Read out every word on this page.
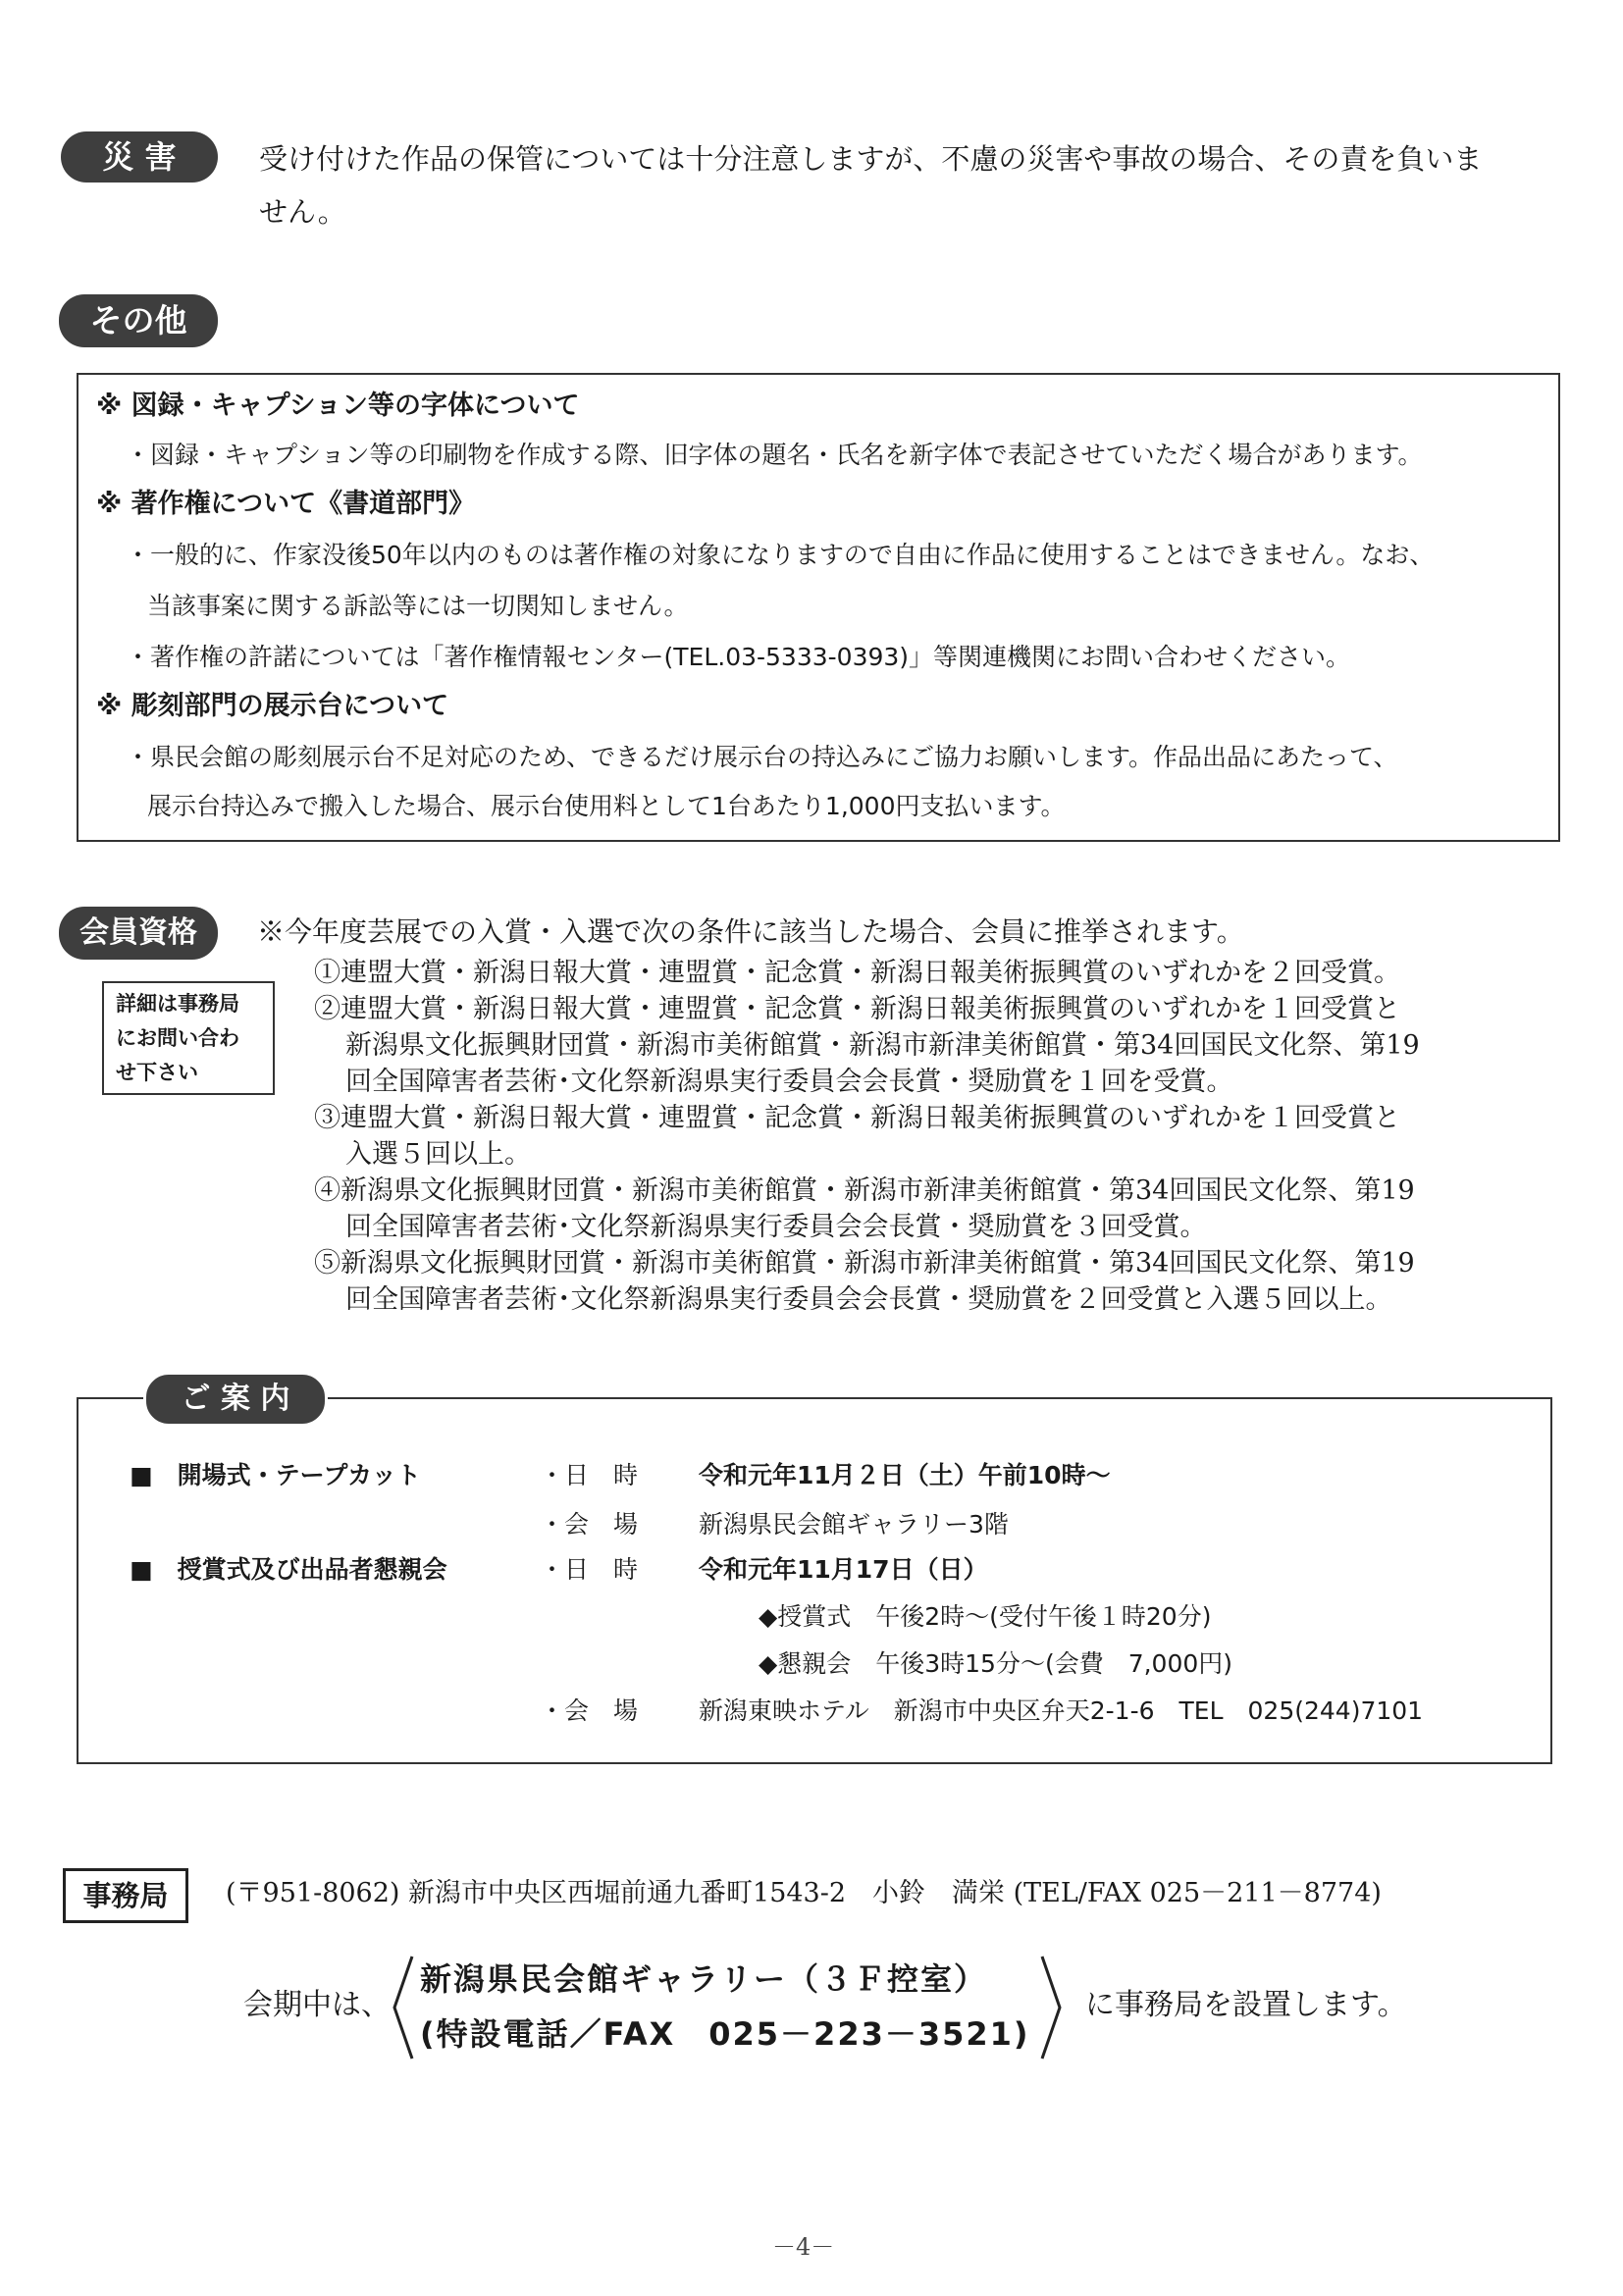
災 害	受け付けた作品の保管については十分注意しますが、不慮の災害や事故の場合、その責を負いま
せん。
その他
※ 図録・キャプション等の字体について
・図録・キャプション等の印刷物を作成する際、旧字体の題名・氏名を新字体で表記させていただく場合があります。
※ 著作権について《書道部門》
・一般的に、作家没後50年以内のものは著作権の対象になりますので自由に作品に使用することはできません。なお、
当該事案に関する訴訟等には一切関知しません。
・著作権の許諾については「著作権情報センター(TEL.03-5333-0393)」等関連機関にお問い合わせください。
※ 彫刻部門の展示台について
・県民会館の彫刻展示台不足対応のため、できるだけ展示台の持込みにご協力お願いします。作品出品にあたって、
展示台持込みで搬入した場合、展示台使用料として1台あたり1,000円支払います。
会員資格
詳細は事務局
にお問い合わ
せ下さい
※今年度芸展での入賞・入選で次の条件に該当した場合、会員に推挙されます。
①連盟大賞・新潟日報大賞・連盟賞・記念賞・新潟日報美術振興賞のいずれかを２回受賞。
②連盟大賞・新潟日報大賞・連盟賞・記念賞・新潟日報美術振興賞のいずれかを１回受賞と
新潟県文化振興財団賞・新潟市美術館賞・新潟市新津美術館賞・第34回国民文化祭、第19
回全国障害者芸術･文化祭新潟県実行委員会会長賞・奨励賞を１回を受賞。
③連盟大賞・新潟日報大賞・連盟賞・記念賞・新潟日報美術振興賞のいずれかを１回受賞と
入選５回以上。
④新潟県文化振興財団賞・新潟市美術館賞・新潟市新津美術館賞・第34回国民文化祭、第19
回全国障害者芸術･文化祭新潟県実行委員会会長賞・奨励賞を３回受賞。
⑤新潟県文化振興財団賞・新潟市美術館賞・新潟市新津美術館賞・第34回国民文化祭、第19
回全国障害者芸術･文化祭新潟県実行委員会会長賞・奨励賞を２回受賞と入選５回以上。
■　開場式・テープカット	・日　時 令和元年11月２日（土）午前10時～
・会　場 新潟県民会館ギャラリー3階
■　授賞式及び出品者懇親会	・日　時 令和元年11月17日（日）
　◆授賞式　午後2時～(受付午後１時20分)
　◆懇親会　午後3時15分～(会費　7,000円)
・会　場 新潟東映ホテル　新潟市中央区弁天2-1-6　TEL　025(244)7101
ご 案 内
事務局	(〒951-8062) 新潟市中央区西堀前通九番町1543-2　小鈴　満栄 (TEL/FAX 025－211－8774)
会期中は、
新潟県民会館ギャラリー（３Ｆ控室）
(特設電話／FAX　025－223－3521)
に事務局を設置します。
－4－
